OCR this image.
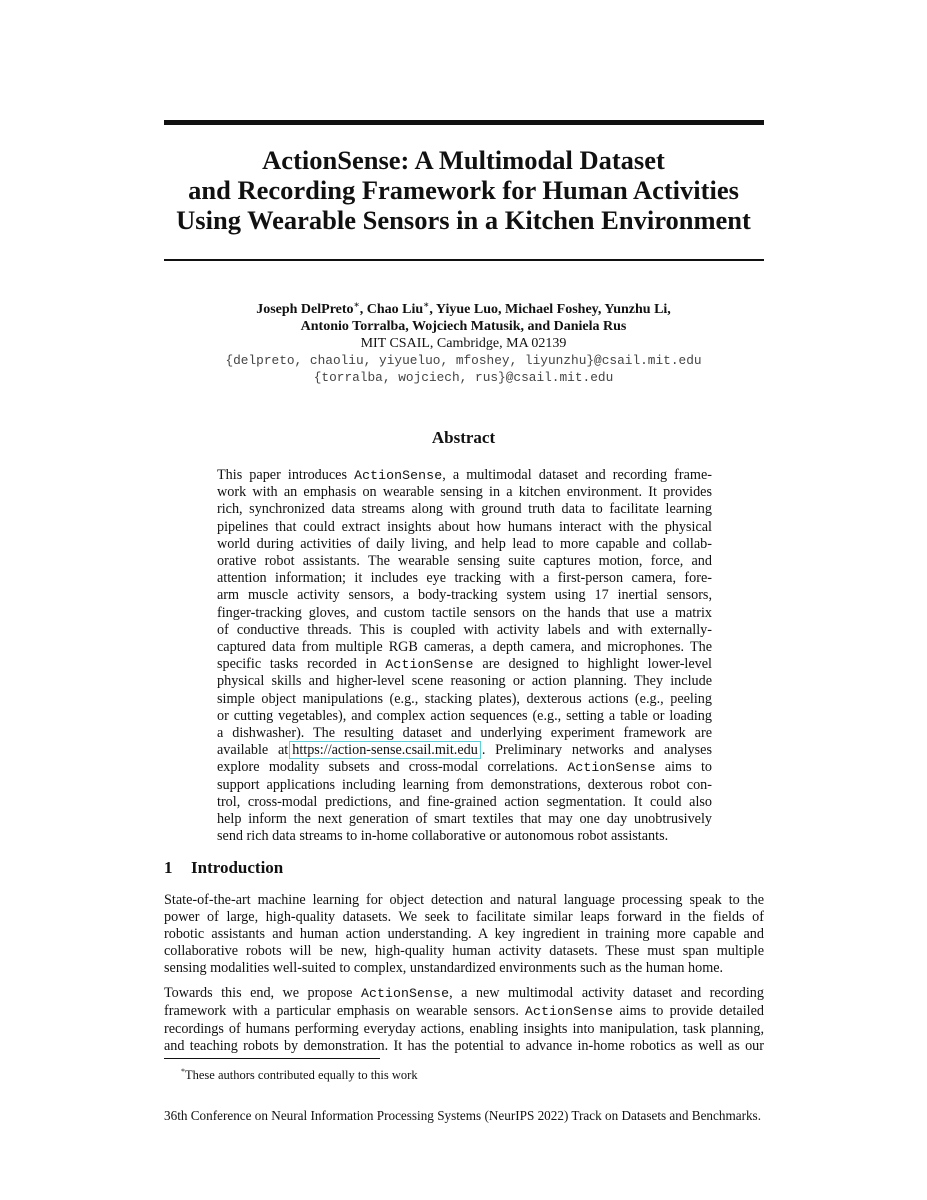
ActionSense: A Multimodal Dataset
and Recording Framework for Human Activities
Using Wearable Sensors in a Kitchen Environment
Joseph DelPreto∗, Chao Liu∗, Yiyue Luo, Michael Foshey, Yunzhu Li,
Antonio Torralba, Wojciech Matusik, and Daniela Rus
MIT CSAIL, Cambridge, MA 02139
{delpreto, chaoliu, yiyueluo, mfoshey, liyunzhu}@csail.mit.edu
{torralba, wojciech, rus}@csail.mit.edu
Abstract
This paper introduces ActionSense, a multimodal dataset and recording frame-
work with an emphasis on wearable sensing in a kitchen environment. It provides
rich, synchronized data streams along with ground truth data to facilitate learning
pipelines that could extract insights about how humans interact with the physical
world during activities of daily living, and help lead to more capable and collab-
orative robot assistants. The wearable sensing suite captures motion, force, and
attention information; it includes eye tracking with a first-person camera, fore-
arm muscle activity sensors, a body-tracking system using 17 inertial sensors,
finger-tracking gloves, and custom tactile sensors on the hands that use a matrix
of conductive threads. This is coupled with activity labels and with externally-
captured data from multiple RGB cameras, a depth camera, and microphones. The
specific tasks recorded in ActionSense are designed to highlight lower-level
physical skills and higher-level scene reasoning or action planning. They include
simple object manipulations (e.g., stacking plates), dexterous actions (e.g., peeling
or cutting vegetables), and complex action sequences (e.g., setting a table or loading
a dishwasher). The resulting dataset and underlying experiment framework are
available at https://action-sense.csail.mit.edu . Preliminary networks and analyses
explore modality subsets and cross-modal correlations. ActionSense aims to
support applications including learning from demonstrations, dexterous robot con-
trol, cross-modal predictions, and fine-grained action segmentation. It could also
help inform the next generation of smart textiles that may one day unobtrusively
send rich data streams to in-home collaborative or autonomous robot assistants.
1 Introduction
State-of-the-art machine learning for object detection and natural language processing speak to the
power of large, high-quality datasets. We seek to facilitate similar leaps forward in the fields of
robotic assistants and human action understanding. A key ingredient in training more capable and
collaborative robots will be new, high-quality human activity datasets. These must span multiple
sensing modalities well-suited to complex, unstandardized environments such as the human home.
Towards this end, we propose ActionSense, a new multimodal activity dataset and recording
framework with a particular emphasis on wearable sensors. ActionSense aims to provide detailed
recordings of humans performing everyday actions, enabling insights into manipulation, task planning,
and teaching robots by demonstration. It has the potential to advance in-home robotics as well as our
*These authors contributed equally to this work
36th Conference on Neural Information Processing Systems (NeurIPS 2022) Track on Datasets and Benchmarks.
